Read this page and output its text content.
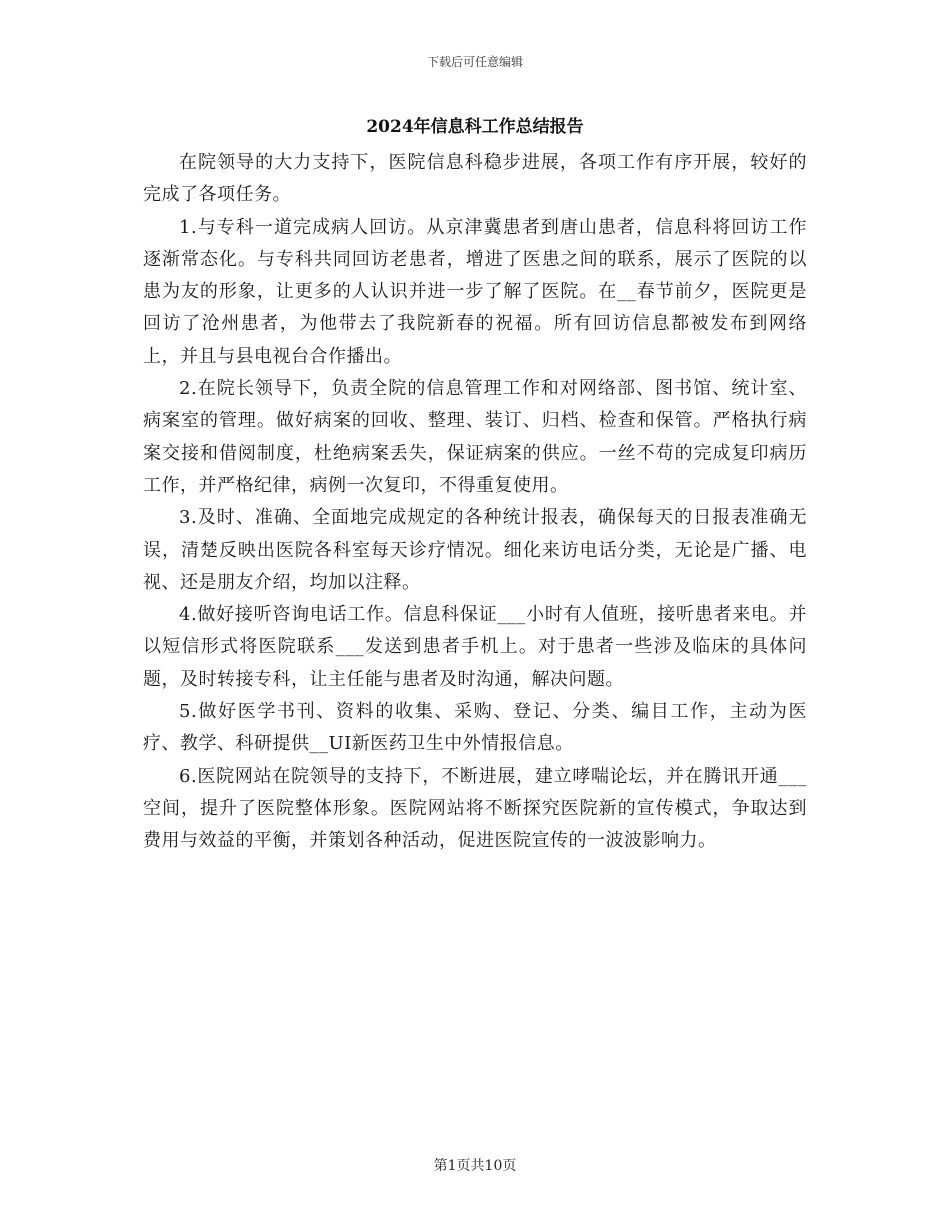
下载后可任意编辑
2024年信息科工作总结报告

在院领导的大力支持下，医院信息科稳步进展，各项工作有序开展，较好的完成了各项任务。

1.与专科一道完成病人回访。从京津冀患者到唐山患者，信息科将回访工作逐渐常态化。与专科共同回访老患者，增进了医患之间的联系，展示了医院的以患为友的形象，让更多的人认识并进一步了解了医院。在__春节前夕，医院更是回访了沧州患者，为他带去了我院新春的祝福。所有回访信息都被发布到网络上，并且与县电视台合作播出。

2.在院长领导下，负责全院的信息管理工作和对网络部、图书馆、统计室、病案室的管理。做好病案的回收、整理、装订、归档、检查和保管。严格执行病案交接和借阅制度，杜绝病案丢失，保证病案的供应。一丝不苟的完成复印病历工作，并严格纪律，病例一次复印，不得重复使用。

3.及时、准确、全面地完成规定的各种统计报表，确保每天的日报表准确无误，清楚反映出医院各科室每天诊疗情况。细化来访电话分类，无论是广播、电视、还是朋友介绍，均加以注释。

4.做好接听咨询电话工作。信息科保证___小时有人值班，接听患者来电。并以短信形式将医院联系___发送到患者手机上。对于患者一些涉及临床的具体问题，及时转接专科，让主任能与患者及时沟通，解决问题。

5.做好医学书刊、资料的收集、采购、登记、分类、编目工作，主动为医疗、教学、科研提供__UI新医药卫生中外情报信息。

6.医院网站在院领导的支持下，不断进展，建立哮喘论坛，并在腾讯开通___空间，提升了医院整体形象。医院网站将不断探究医院新的宣传模式，争取达到费用与效益的平衡，并策划各种活动，促进医院宣传的一波波影响力。

第1页共10页
